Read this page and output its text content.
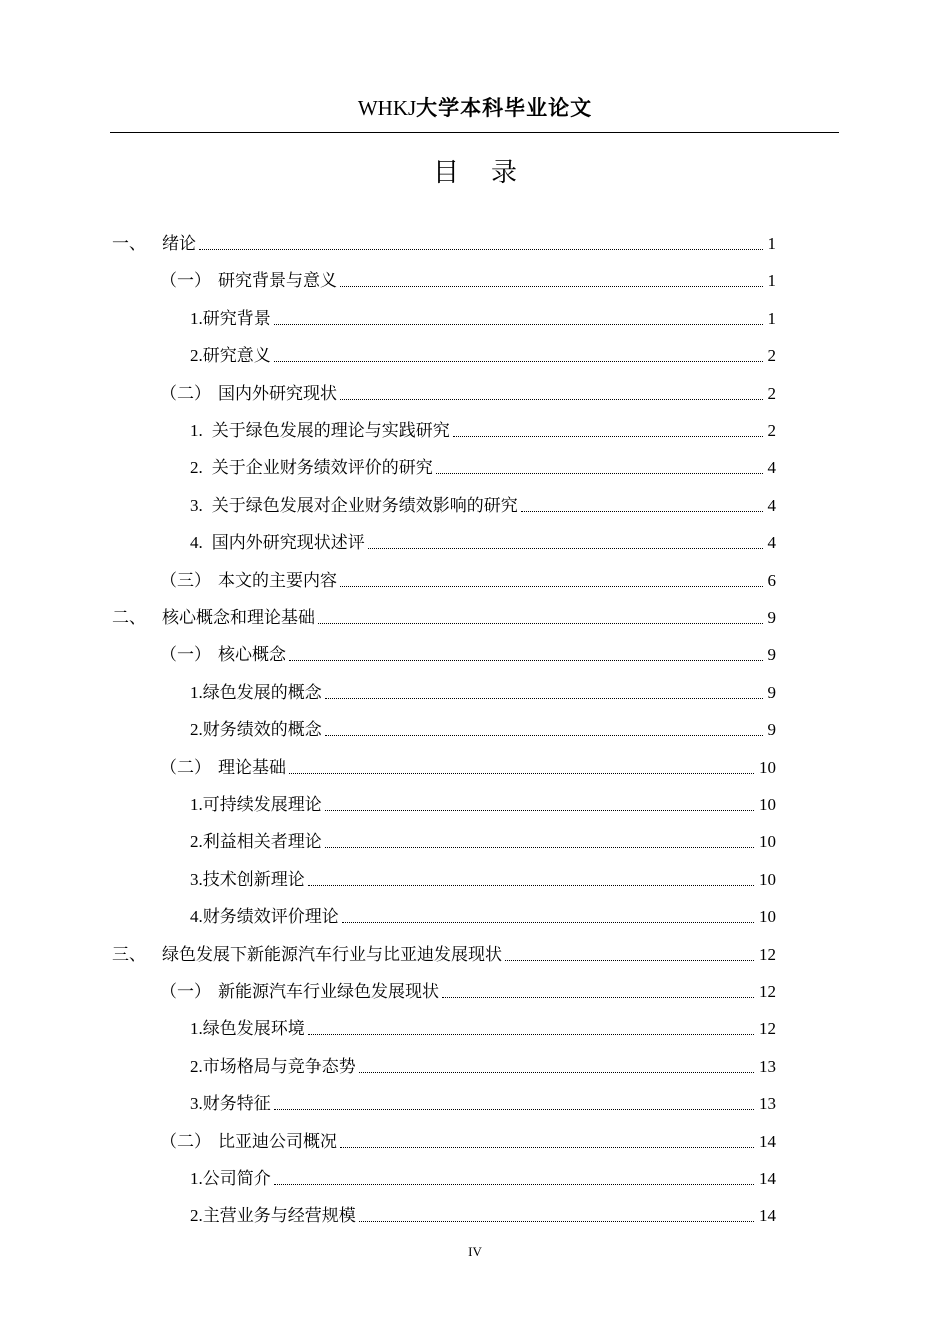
WHKJ大学本科毕业论文
目录
一、 绪论	1
（一） 研究背景与意义	1
1. 研究背景	1
2. 研究意义	2
（二） 国内外研究现状	2
1. 关于绿色发展的理论与实践研究	2
2. 关于企业财务绩效评价的研究	4
3. 关于绿色发展对企业财务绩效影响的研究	4
4. 国内外研究现状述评	4
（三） 本文的主要内容	6
二、 核心概念和理论基础	9
（一） 核心概念	9
1. 绿色发展的概念	9
2. 财务绩效的概念	9
（二） 理论基础	10
1. 可持续发展理论	10
2. 利益相关者理论	10
3. 技术创新理论	10
4. 财务绩效评价理论	10
三、 绿色发展下新能源汽车行业与比亚迪发展现状	12
（一） 新能源汽车行业绿色发展现状	12
1. 绿色发展环境	12
2. 市场格局与竞争态势	13
3. 财务特征	13
（二） 比亚迪公司概况	14
1. 公司简介	14
2. 主营业务与经营规模	14
IV
